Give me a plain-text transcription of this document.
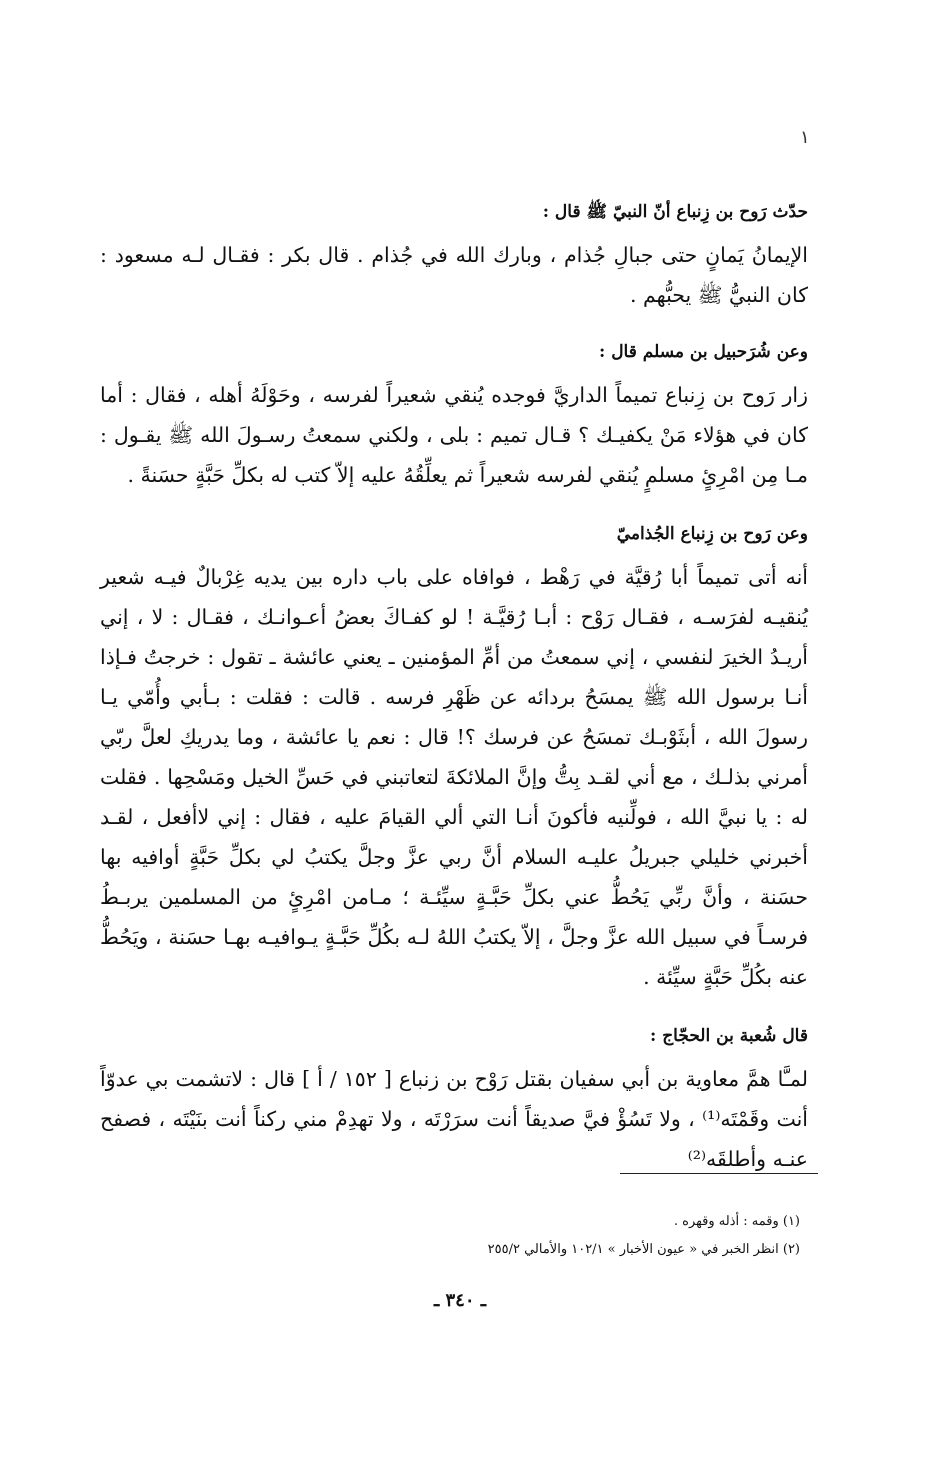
١

حدّث رَوح بن زِنباع أنّ النبيّ ﷺ قال :

الإيمانُ يَمانٍ حتى جبالِ جُذام ، وبارك الله في جُذام . قال بكر : فقـال لـه مسعود : كان النبيُّ ﷺ يحبُّهم .

وعن شُرَحبيل بن مسلم قال :

زار رَوح بن زِنباع تميماً الداريَّ فوجده يُنقي شعيراً لفرسه ، وحَوْلَهُ أهله ، فقال : أما كان في هؤلاء مَنْ يكفيـك ؟ قـال تميم : بلى ، ولكني سمعتُ رسـولَ الله ﷺ يقـول : مـا مِن امْرِئٍ مسلمٍ يُنقي لفرسه شعيراً ثم يعلِّقُهُ عليه إلاّ كتب له بكلِّ حَبَّةٍ حسَنةً .

وعن رَوح بن زِنباع الجُذاميّ

أنه أتى تميماً أبا رُقيَّة في رَهْط ، فوافاه على باب داره بين يديه غِرْبالٌ فيـه شعير يُنقيـه لفرَسـه ، فقـال رَوْح : أبـا رُقيَّـة ! لو كفـاكَ بعضُ أعـوانـك ، فقـال : لا ، إني أريـدُ الخيرَ لنفسي ، إني سمعتُ من أمِّ المؤمنين ـ يعني عائشة ـ تقول : خرجتُ فـإذا أنـا برسول الله ﷺ يمسَحُ بردائه عن ظَهْرِ فرسه . قالت : فقلت : بـأبي وأُمّي يـا رسولَ الله ، أبثَوْبـك تمسَحُ عن فرسك ؟! قال : نعم يا عائشة ، وما يدريكِ لعلَّ ربّي أمرني بذلـك ، مع أني لقـد بِتُّ وإنَّ الملائكةَ لتعاتبني في حَسِّ الخيل ومَسْحِها . فقلت له : يا نبيَّ الله ، فولِّنيه فأكونَ أنـا التي ألي القيامَ عليه ، فقال : إني لاأفعل ، لقـد أخبرني خليلي جبريلُ عليـه السلام أنَّ ربي عزَّ وجلَّ يكتبُ لي بكلِّ حَبَّةٍ أوافيه بها حسَنة ، وأنَّ ربِّي يَحُطُّ عني بكلِّ حَبَّـةٍ سيِّئـة ؛ مـامن امْرِئٍ من المسلمين يربـطُ فرسـاً في سبيل الله عزَّ وجلَّ ، إلاّ يكتبُ اللهُ لـه بكُلِّ حَبَّـةٍ يـوافيـه بهـا حسَنة ، ويَحُطُّ عنه بكُلِّ حَبَّةٍ سيِّئة .

قال شُعبة بن الحجّاج :

لمـَّا همَّ معاوية بن أبي سفيان بقتل رَوْح بن زنباع [ ١٥٢ / أ ] قال : لاتشمت بي عدوّاً أنت وقَمْتَه⁽¹⁾ ، ولا تَسُؤْ فيَّ صديقاً أنت سرَرْتَه ، ولا تهدِمْ مني ركناً أنت بنَيْتَه ، فصفح عنـه وأطلقَه⁽²⁾

(١) وقمه : أذله وقهره .
(٢) انظر الخبر في « عيون الأخبار » ١٠٢/١ والأمالي ٢٥٥/٢
ـ ٣٤٠ ـ
